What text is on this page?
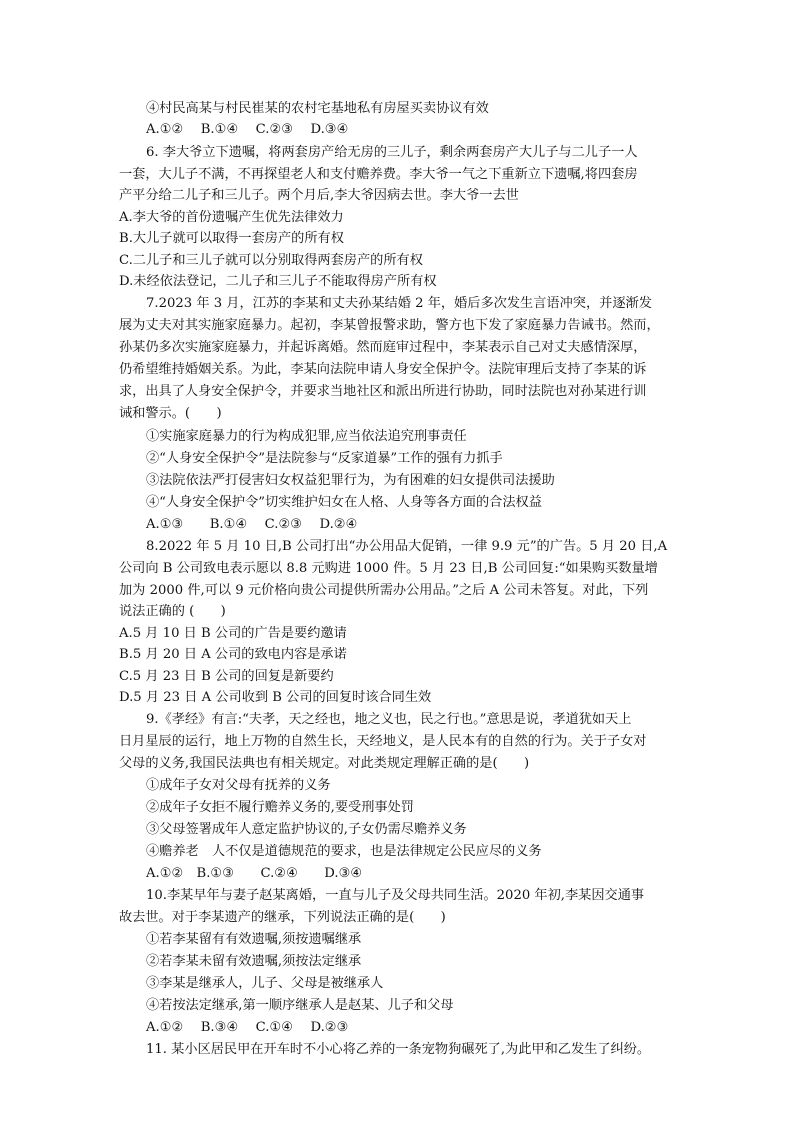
④村民高某与村民崔某的农村宅基地私有房屋买卖协议有效
A.①②　 B.①④　 C.②③　 D.③④
6. 李大爷立下遗嘱，将两套房产给无房的三儿子，剩余两套房产大儿子与二儿子一人
一套，大儿子不满，不再探望老人和支付赡养费。李大爷一气之下重新立下遗嘱,将四套房
产平分给二儿子和三儿子。两个月后,李大爷因病去世。李大爷一去世
A.李大爷的首份遗嘱产生优先法律效力
B.大儿子就可以取得一套房产的所有权
C.二儿子和三儿子就可以分别取得两套房产的所有权
D.未经依法登记，二儿子和三儿子不能取得房产所有权
7.2023 年 3 月，江苏的李某和丈夫孙某结婚 2 年，婚后多次发生言语冲突，并逐渐发
展为丈夫对其实施家庭暴力。起初，李某曾报警求助，警方也下发了家庭暴力告诫书。然而，
孙某仍多次实施家庭暴力，并起诉离婚。然而庭审过程中，李某表示自己对丈夫感情深厚，
仍希望维持婚姻关系。为此，李某向法院申请人身安全保护令。法院审理后支持了李某的诉
求，出具了人身安全保护令，并要求当地社区和派出所进行协助，同时法院也对孙某进行训
诫和警示。(　　)
①实施家庭暴力的行为构成犯罪,应当依法追究刑事责任
②“人身安全保护令”是法院参与“反家道暴”工作的强有力抓手
③法院依法严打侵害妇女权益犯罪行为，为有困难的妇女提供司法援助
④“人身安全保护令”切实维护妇女在人格、人身等各方面的合法权益
A.①③　　B.①④　 C.②③　 D.②④
8.2022 年 5 月 10 日,B 公司打出“办公用品大促销，一律 9.9 元”的广告。5 月 20 日,A
公司向 B 公司致电表示愿以 8.8 元购进 1000 件。5 月 23 日,B 公司回复:“如果购买数量增
加为 2000 件,可以 9 元价格向贵公司提供所需办公用品。”之后 A 公司未答复。对此，下列
说法正确的 (　　)
A.5 月 10 日 B 公司的广告是要约邀请
B.5 月 20 日 A 公司的致电内容是承诺
C.5 月 23 日 B 公司的回复是新要约
D.5 月 23 日 A 公司收到 B 公司的回复时该合同生效
9.《孝经》有言:“夫孝，天之经也，地之义也，民之行也。”意思是说，孝道犹如天上
日月星辰的运行，地上万物的自然生长，天经地义，是人民本有的自然的行为。关于子女对
父母的义务,我国民法典也有相关规定。对此类规定理解正确的是(　　)
①成年子女对父母有抚养的义务
②成年子女拒不履行赡养义务的,要受刑事处罚
③父母签署成年人意定监护协议的,子女仍需尽赡养义务
④赡养老　人不仅是道德规范的要求，也是法律规定公民应尽的义务
A.①②　B.①③　　C.②④　　D.③④
10.李某早年与妻子赵某离婚，一直与儿子及父母共同生活。2020 年初,李某因交通事
故去世。对于李某遗产的继承，下列说法正确的是(　　)
①若李某留有有效遗嘱,须按遗嘱继承
②若李某未留有效遗嘱,须按法定继承
③李某是继承人，儿子、父母是被继承人
④若按法定继承,第一顺序继承人是赵某、儿子和父母
A.①②　 B.③④　 C.①④　 D.②③
11. 某小区居民甲在开车时不小心将乙养的一条宠物狗碾死了,为此甲和乙发生了纠纷。
